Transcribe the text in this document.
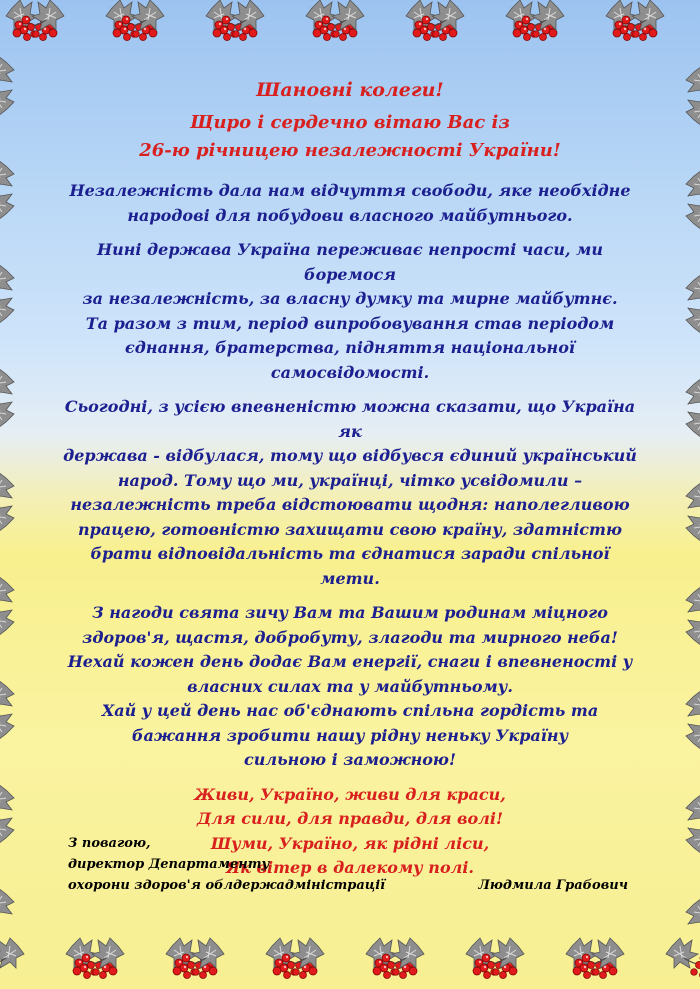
Шановні колеги!
Щиро і сердечно вітаю Вас із
26-ю річницею незалежності України!

Незалежність дала нам відчуття свободи, яке необхідне

народові для побудови власного майбутнього.

Нині держава Україна переживає непрості часи, ми боремося

за незалежність, за власну думку та мирне майбутнє.

Та разом з тим, період випробовування став періодом

єднання, братерства, підняття національної самосвідомості.

Сьогодні, з усією впевненістю можна сказати, що Україна як

держава - відбулася, тому що відбувся єдиний український

народ. Тому що ми, українці, чітко усвідомили –

незалежність треба відстоювати щодня: наполегливою

працею, готовністю захищати свою країну, здатністю

брати відповідальність та єднатися заради спільної мети.

З нагоди свята зичу Вам та Вашим родинам міцного

здоров'я, щастя, добробуту, злагоди та мирного неба!

Нехай кожен день додає Вам енергії, снаги і впевненості у

власних силах та у майбутньому.

Хай у цей день нас об'єднають спільна гордість та

бажання зробити нашу рідну неньку Україну

сильною і заможною!

Живи, Україно, живи для краси,

Для сили, для правди, для волі!

Шуми, Україно, як рідні ліси,

Як вітер в далекому полі.

З повагою,
директор Департаменту
охорони здоров'я облдержадміністрації	Людмила Грабович
